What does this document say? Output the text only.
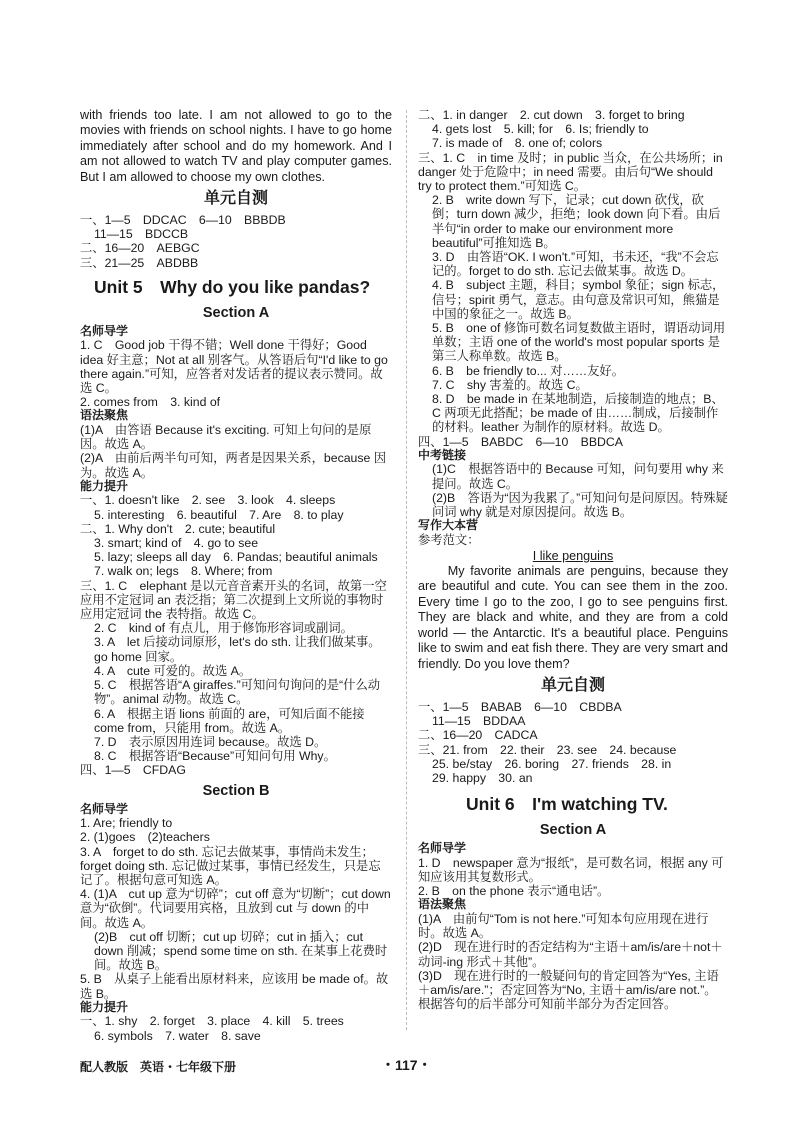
with friends too late. I am not allowed to go to the movies with friends on school nights. I have to go home immediately after school and do my homework. And I am not allowed to watch TV and play computer games. But I am allowed to choose my own clothes.
单元自测
一、1—5　DDCAC　6—10　BBBDB
11—15　BDCCB
二、16—20　AEBGC
三、21—25　ABDBB
Unit 5　Why do you like pandas?
Section A
名师导学
1. C　Good job 干得不错；Well done 干得好；Good idea 好主意；Not at all 别客气。从答语后句“I'd like to go there again.”可知，应答者对发话者的提议表示赞同。故选 C。
2. comes from　3. kind of
语法聚焦
(1)A　由答语 Because it's exciting. 可知上句问的是原因。故选 A。
(2)A　由前后两半句可知，两者是因果关系，because 因为。故选 A。
能力提升
一、1. doesn't like　2. see　3. look　4. sleeps
5. interesting　6. beautiful　7. Are　8. to play
二、1. Why don't　2. cute; beautiful
3. smart; kind of　4. go to see
5. lazy; sleeps all day　6. Pandas; beautiful animals
7. walk on; legs　8. Where; from
三、1. C　elephant 是以元音音素开头的名词，故第一空应用不定冠词 an 表泛指；第二次提到上文所说的事物时应用定冠词 the 表特指。故选 C。
2. C　kind of 有点儿，用于修饰形容词或副词。
3. A　let 后接动词原形，let's do sth. 让我们做某事。go home 回家。
4. A　cute 可爱的。故选 A。
5. C　根据答语“A giraffes.”可知问句询问的是“什么动物”。animal 动物。故选 C。
6. A　根据主语 lions 前面的 are，可知后面不能接 come from，只能用 from。故选 A。
7. D　表示原因用连词 because。故选 D。
8. C　根据答语“Because”可知问句用 Why。
四、1—5　CFDAG
Section B
名师导学
1. Are; friendly to
2. (1)goes　(2)teachers
3. A　forget to do sth. 忘记去做某事，事情尚未发生；forget doing sth. 忘记做过某事，事情已经发生，只是忘记了。根据句意可知选 A。
4. (1)A　cut up 意为“切碎”；cut off 意为“切断”；cut down 意为“砍倒”。代词要用宾格，且放到 cut 与 down 的中间。故选 A。
(2)B　cut off 切断；cut up 切碎；cut in 插入；cut down 削减；spend some time on sth. 在某事上花费时间。故选 B。
5. B　从桌子上能看出原材料来，应该用 be made of。故选 B。
能力提升
一、1. shy　2. forget　3. place　4. kill　5. trees
6. symbols　7. water　8. save
二、1. in danger　2. cut down　3. forget to bring
4. gets lost　5. kill; for　6. Is; friendly to
7. is made of　8. one of; colors
三、1. C　in time 及时；in public 当众，在公共场所；in danger 处于危险中；in need 需要。由后句“We should try to protect them.”可知选 C。
2. B　write down 写下，记录；cut down 砍伐，砍倒；turn down 减少，拒绝；look down 向下看。由后半句“in order to make our environment more beautiful”可推知选 B。
3. D　由答语“OK. I won't.”可知，书未还，“我”不会忘记的。forget to do sth. 忘记去做某事。故选 D。
4. B　subject 主题，科目；symbol 象征；sign 标志，信号；spirit 勇气，意志。由句意及常识可知，熊猫是中国的象征之一。故选 B。
5. B　one of 修饰可数名词复数做主语时，谓语动词用单数；主语 one of the world's most popular sports 是第三人称单数。故选 B。
6. B　be friendly to... 对……友好。
7. C　shy 害羞的。故选 C。
8. D　be made in 在某地制造，后接制造的地点；B、C 两项无此搭配；be made of 由……制成，后接制作的材料。leather 为制作的原材料。故选 D。
四、1—5　BABDC　6—10　BBDCA
中考链接
(1)C　根据答语中的 Because 可知，问句要用 why 来提问。故选 C。
(2)B　答语为“因为我累了。”可知问句是问原因。特殊疑问词 why 就是对原因提问。故选 B。
写作大本营
参考范文：
I like penguins
　　My favorite animals are penguins, because they are beautiful and cute. You can see them in the zoo. Every time I go to the zoo, I go to see penguins first. They are black and white, and they are from a cold world — the Antarctic. It's a beautiful place. Penguins like to swim and eat fish there. They are very smart and friendly. Do you love them?
单元自测
一、1—5　BABAB　6—10　CBDBA
11—15　BDDAA
二、16—20　CADCA
三、21. from　22. their　23. see　24. because
25. be/stay　26. boring　27. friends　28. in
29. happy　30. an
Unit 6　I'm watching TV.
Section A
名师导学
1. D　newspaper 意为“报纸”，是可数名词，根据 any 可知应该用其复数形式。
2. B　on the phone 表示“通电话”。
语法聚焦
(1)A　由前句“Tom is not here.”可知本句应用现在进行时。故选 A。
(2)D　现在进行时的否定结构为“主语＋am/is/are＋not＋动词-ing 形式＋其他”。
(3)D　现在进行时的一般疑问句的肯定回答为“Yes, 主语＋am/is/are.”；否定回答为“No, 主语＋am/is/are not.”。根据答句的后半部分可知前半部分为否定回答。
配人教版　英语・七年级下册	・117・
